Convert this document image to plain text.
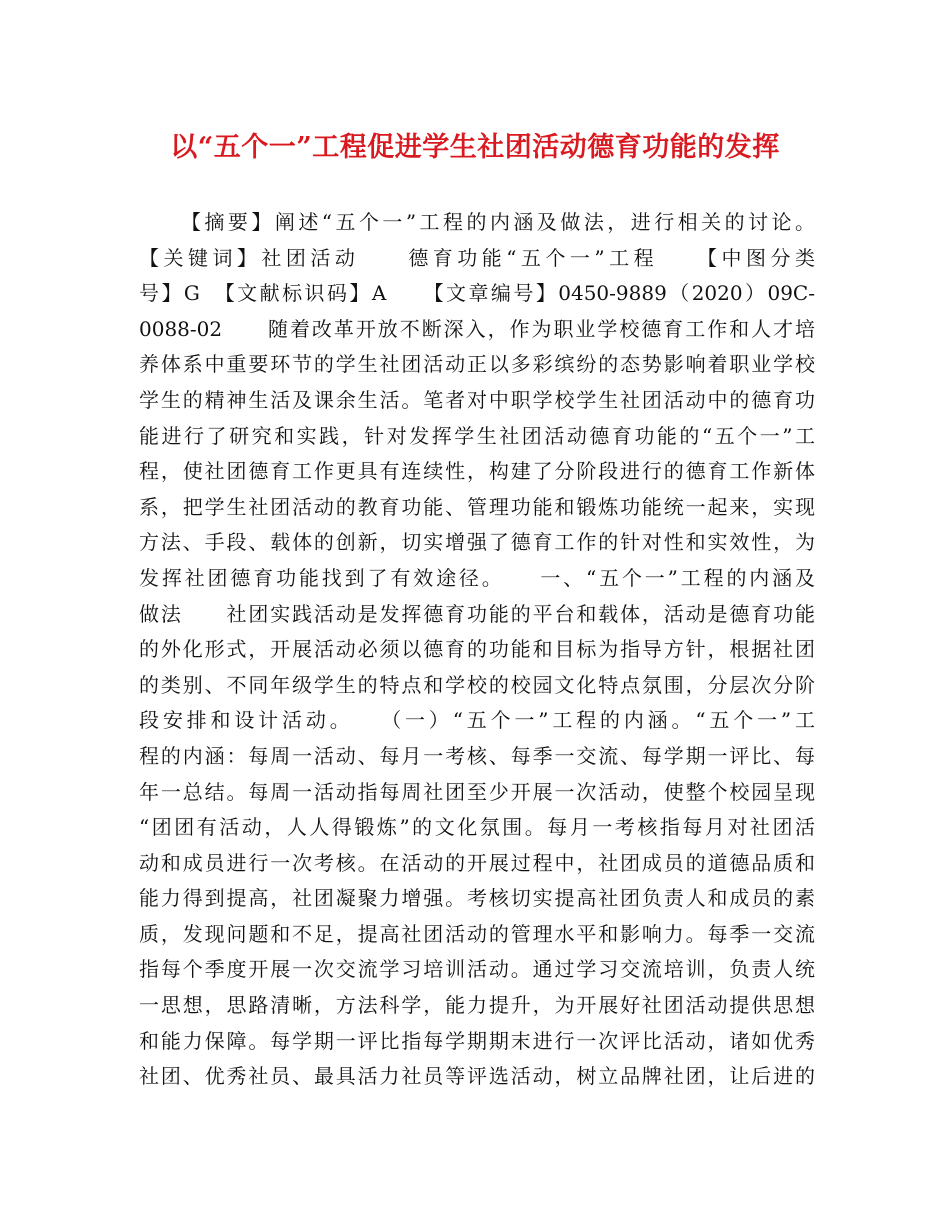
以“五个一”工程促进学生社团活动德育功能的发挥
【摘要】阐述“五个一”工程的内涵及做法，进行相关的讨论。
【关键词】社团活动　　德育功能“五个一”工程　　【中图分类
号】G　【文献标识码】A　　【文章编号】0450-9889（2020）09C-
0088-02　　随着改革开放不断深入，作为职业学校德育工作和人才培
养体系中重要环节的学生社团活动正以多彩缤纷的态势影响着职业学校
学生的精神生活及课余生活。笔者对中职学校学生社团活动中的德育功
能进行了研究和实践，针对发挥学生社团活动德育功能的“五个一”工
程，使社团德育工作更具有连续性，构建了分阶段进行的德育工作新体
系，把学生社团活动的教育功能、管理功能和锻炼功能统一起来，实现
方法、手段、载体的创新，切实增强了德育工作的针对性和实效性，为
发挥社团德育功能找到了有效途径。　　一、“五个一”工程的内涵及
做法　　社团实践活动是发挥德育功能的平台和载体，活动是德育功能
的外化形式，开展活动必须以德育的功能和目标为指导方针，根据社团
的类别、不同年级学生的特点和学校的校园文化特点氛围，分层次分阶
段安排和设计活动。　　（一）“五个一”工程的内涵。“五个一”工
程的内涵：每周一活动、每月一考核、每季一交流、每学期一评比、每
年一总结。每周一活动指每周社团至少开展一次活动，使整个校园呈现
“团团有活动，人人得锻炼”的文化氛围。每月一考核指每月对社团活
动和成员进行一次考核。在活动的开展过程中，社团成员的道德品质和
能力得到提高，社团凝聚力增强。考核切实提高社团负责人和成员的素
质，发现问题和不足，提高社团活动的管理水平和影响力。每季一交流
指每个季度开展一次交流学习培训活动。通过学习交流培训，负责人统
一思想，思路清晰，方法科学，能力提升，为开展好社团活动提供思想
和能力保障。每学期一评比指每学期期末进行一次评比活动，诸如优秀
社团、优秀社员、最具活力社员等评选活动，树立品牌社团，让后进的
